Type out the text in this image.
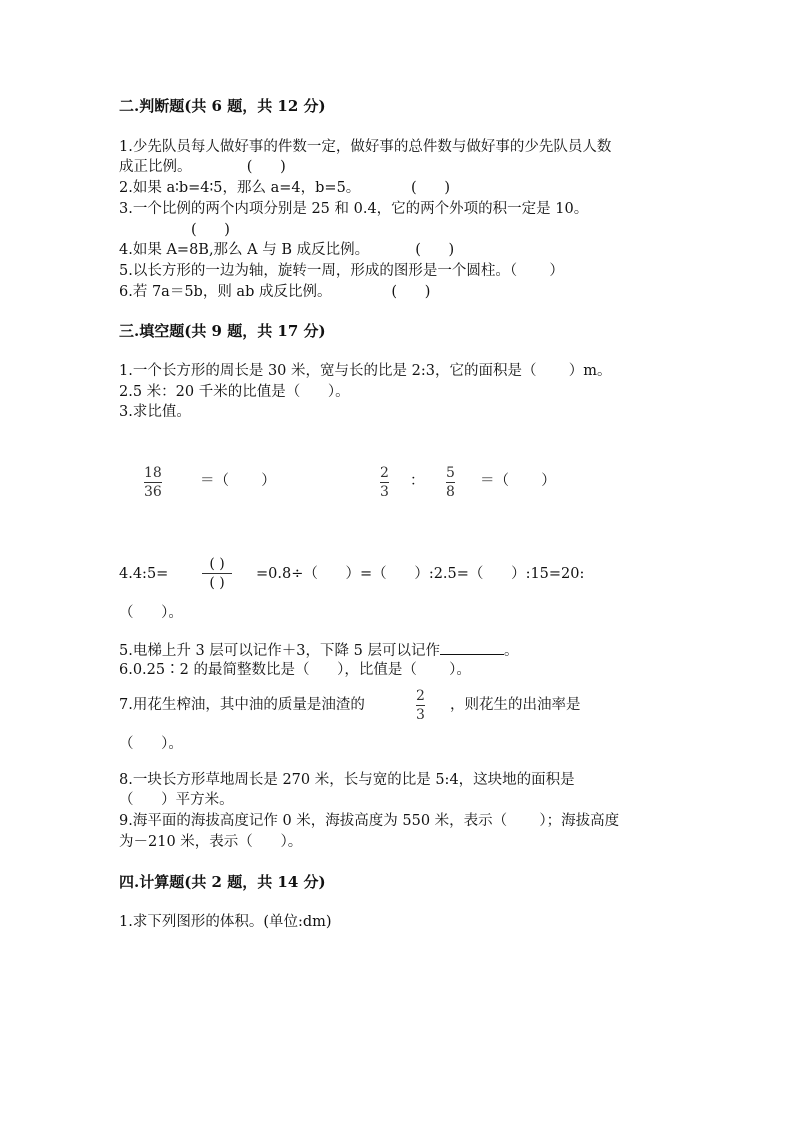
二.判断题(共 6 题，共 12 分)
1.少先队员每人做好事的件数一定，做好事的总件数与做好事的少先队员人数
成正比例。            (      )
2.如果 a∶b=4∶5，那么 a=4，b=5。           (      )
3.一个比例的两个内项分别是 25 和 0.4，它的两个外项的积一定是 10。
(      )
4.如果 A=8B,那么 A 与 B 成反比例。          (      )
5.以长方形的一边为轴，旋转一周，形成的图形是一个圆柱。（       ）
6.若 7a＝5b，则 ab 成反比例。             (      )
三.填空题(共 9 题，共 17 分)
1.一个长方形的周长是 30 米，宽与长的比是 2:3，它的面积是（       ）m。
2.5 米：20 千米的比值是（      ）。
3.求比值。
18
36
＝（       ）	2
3
： 5
8
＝（       ）
4.4:5=
( )
( )
=0.8÷（      ）=（      ）:2.5=（      ）:15=20:
（      ）。
5.电梯上升 3 层可以记作＋3，下降 5 层可以记作	。
6.0.25∶2 的最简整数比是（      ），比值是（       ）。
7.用花生榨油，其中油的质量是油渣的
2
3
，则花生的出油率是
（      ）。
8.一块长方形草地周长是 270 米，长与宽的比是 5:4，这块地的面积是
（      ）平方米。
9.海平面的海拔高度记作 0 米，海拔高度为 550 米，表示（       ）；海拔高度
为－210 米，表示（      ）。
四.计算题(共 2 题，共 14 分)
1.求下列图形的体积。(单位:dm)
